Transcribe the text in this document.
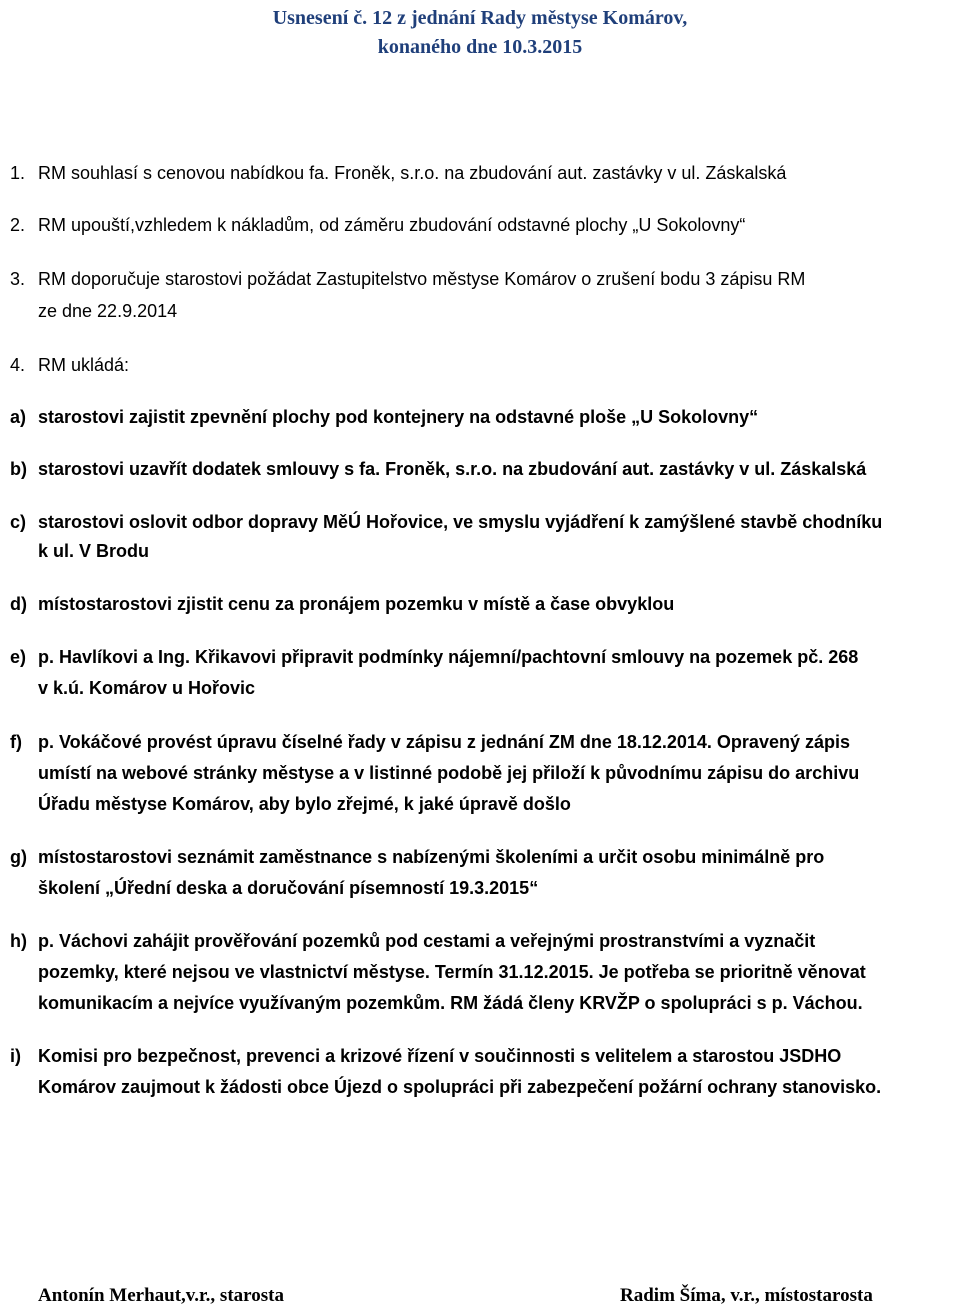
Usnesení č. 12 z jednání Rady městyse Komárov,
konaného dne 10.3.2015
1. RM souhlasí s cenovou nabídkou fa. Froněk, s.r.o. na zbudování aut. zastávky v ul. Záskalská
2. RM upouští,vzhledem k nákladům, od záměru zbudování odstavné plochy „U Sokolovny“
3. RM doporučuje starostovi požádat Zastupitelstvo městyse Komárov o zrušení bodu 3 zápisu RM
ze dne 22.9.2014
4. RM ukládá:
a) starostovi zajistit zpevnění plochy pod kontejnery na odstavné ploše „U Sokolovny“
b) starostovi uzavřít dodatek smlouvy s fa. Froněk, s.r.o. na zbudování aut. zastávky v ul. Záskalská
c) starostovi oslovit odbor dopravy MěÚ Hořovice, ve smyslu vyjádření k zamýšlené stavbě chodníku
k ul. V Brodu
d) místostarostovi zjistit cenu za pronájem pozemku v místě a čase obvyklou
e) p. Havlíkovi a Ing. Křikavovi připravit podmínky nájemní/pachtovní smlouvy na pozemek pč. 268
v k.ú. Komárov u Hořovic
f) p. Vokáčové provést úpravu číselné řady v zápisu z jednání ZM dne 18.12.2014. Opravený zápis
umístí na webové stránky městyse a v listinné podobě jej přiloží k původnímu zápisu do archivu
Úřadu městyse Komárov, aby bylo zřejmé, k jaké úpravě došlo
g) místostarostovi seznámit zaměstnance s nabízenými školeními a určit osobu minimálně pro
školení „Úřední deska a doručování písemností 19.3.2015“
h) p. Váchovi zahájit prověřování pozemků pod cestami a veřejnými prostranstvími a vyznačit
pozemky, které nejsou ve vlastnictví městyse. Termín 31.12.2015. Je potřeba se prioritně věnovat
komunikacím a nejvíce využívaným pozemkům. RM žádá členy KRVŽP o spolupráci s p. Váchou.
i) Komisi pro bezpečnost, prevenci a krizové řízení v součinnosti s velitelem a starostou JSDHO
Komárov zaujmout k žádosti obce Újezd o spolupráci při zabezpečení požární ochrany stanovisko.
Antonín Merhaut,v.r., starosta	Radim Šíma, v.r., místostarosta
